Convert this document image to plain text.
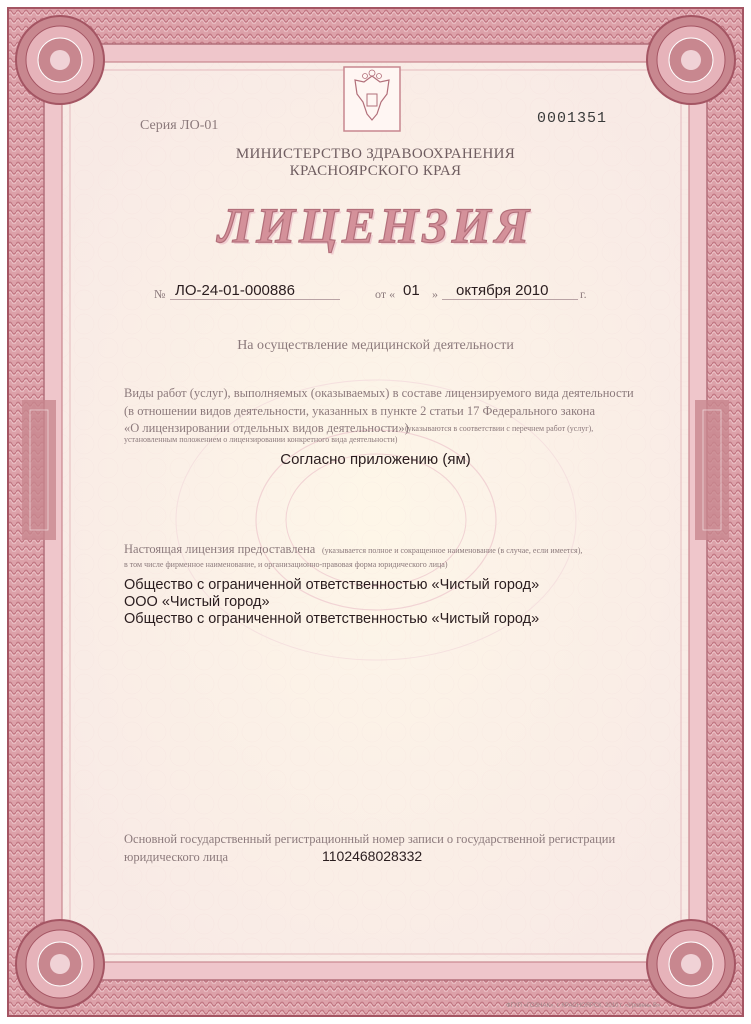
Серия ЛО-01	0001351

МИНИСТЕРСТВО ЗДРАВООХРАНЕНИЯ

КРАСНОЯРСКОГО КРАЯ

ЛИЦЕНЗИЯ

№ ЛО-24-01-000886	от « 01 » октября 2010	г.

На осуществление медицинской деятельности

Виды работ (услуг), выполняемых (оказываемых) в составе лицензируемого вида деятельности

(в отношении видов деятельности, указанных в пункте 2 статьи 17 Федерального закона

«О лицензировании отдельных видов деятельности»)

(указываются в соответствии с перечнем работ (услуг),

установленным положением о лицензировании конкретного вида деятельности)

Согласно приложению (ям)

Настоящая лицензия предоставлена (указывается полное и сокращенное наименование (в случае, если имеется),

в том числе фирменное наименование, и организационно-правовая форма юридического лица)

Общество с ограниченной ответственностью «Чистый город»

ООО «Чистый город»

Общество с ограниченной ответственностью «Чистый город»

Основной государственный регистрационный номер записи о государственной регистрации

юридического лица	1102468028332

ФГУП «ГОЗНАК», г. КРАСНОЯРСК, 2010 г. «Уровень В»
